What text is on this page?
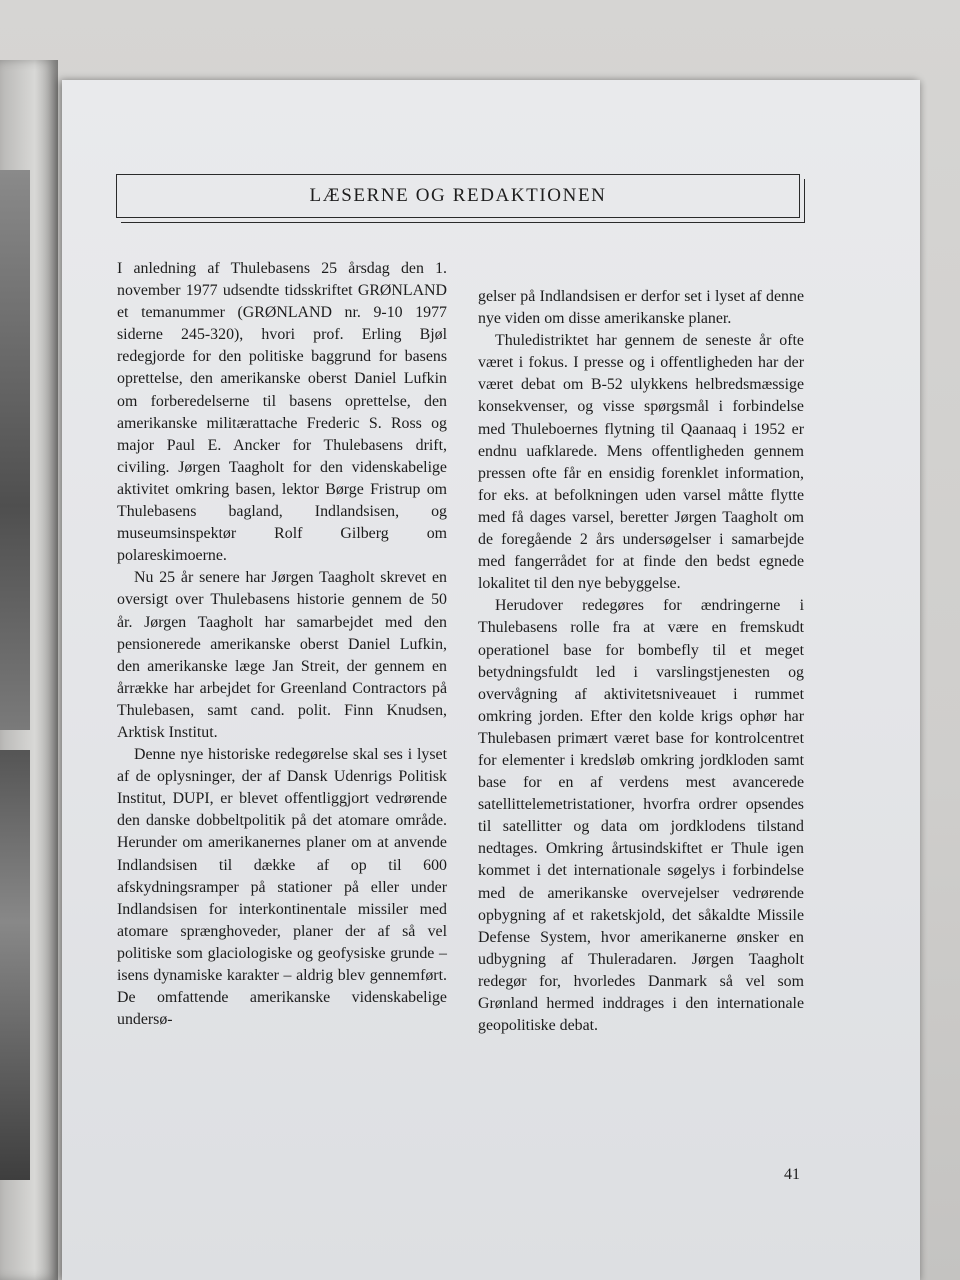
LÆSERNE OG REDAKTIONEN

I anledning af Thulebasens 25 årsdag den 1. november 1977 udsendte tidsskriftet GRØNLAND et temanummer (GRØNLAND nr. 9-10 1977 siderne 245-320), hvori prof. Erling Bjøl redegjorde for den politiske baggrund for basens oprettelse, den amerikanske oberst Daniel Lufkin om forberedelserne til basens oprettelse, den amerikanske militærattache Frederic S. Ross og major Paul E. Ancker for Thulebasens drift, civiling. Jørgen Taagholt for den videnskabelige aktivitet omkring basen, lektor Børge Fristrup om Thulebasens bagland, Indlandsisen, og museumsinspektør Rolf Gilberg om polareskimoerne.

Nu 25 år senere har Jørgen Taagholt skrevet en oversigt over Thulebasens historie gennem de 50 år. Jørgen Taagholt har samarbejdet med den pensionerede amerikanske oberst Daniel Lufkin, den amerikanske læge Jan Streit, der gennem en årrække har arbejdet for Greenland Contractors på Thulebasen, samt cand. polit. Finn Knudsen, Arktisk Institut.

Denne nye historiske redegørelse skal ses i lyset af de oplysninger, der af Dansk Udenrigs Politisk Institut, DUPI, er blevet offentliggjort vedrørende den danske dobbeltpolitik på det atomare område. Herunder om amerikanernes planer om at anvende Indlandsisen til dække af op til 600 afskydningsramper på stationer på eller under Indlandsisen for interkontinentale missiler med atomare sprænghoveder, planer der af så vel politiske som glaciologiske og geofysiske grunde – isens dynamiske karakter – aldrig blev gennemført. De omfattende amerikanske videnskabelige undersø-

gelser på Indlandsisen er derfor set i lyset af denne nye viden om disse amerikanske planer.

Thuledistriktet har gennem de seneste år ofte været i fokus. I presse og i offentligheden har der været debat om B-52 ulykkens helbredsmæssige konsekvenser, og visse spørgsmål i forbindelse med Thuleboernes flytning til Qaanaaq i 1952 er endnu uafklarede. Mens offentligheden gennem pressen ofte får en ensidig forenklet information, for eks. at befolkningen uden varsel måtte flytte med få dages varsel, beretter Jørgen Taagholt om de foregående 2 års undersøgelser i samarbejde med fangerrådet for at finde den bedst egnede lokalitet til den nye bebyggelse.

Herudover redegøres for ændringerne i Thulebasens rolle fra at være en fremskudt operationel base for bombefly til et meget betydningsfuldt led i varslingstjenesten og overvågning af aktivitetsniveauet i rummet omkring jorden. Efter den kolde krigs ophør har Thulebasen primært været base for kontrolcentret for elementer i kredsløb omkring jordkloden samt base for en af verdens mest avancerede satellittelemetristationer, hvorfra ordrer opsendes til satellitter og data om jordklodens tilstand nedtages. Omkring årtusindskiftet er Thule igen kommet i det internationale søgelys i forbindelse med de amerikanske overvejelser vedrørende opbygning af et raketskjold, det såkaldte Missile Defense System, hvor amerikanerne ønsker en udbygning af Thuleradaren. Jørgen Taagholt redegør for, hvorledes Danmark så vel som Grønland hermed inddrages i den internationale geopolitiske debat.

41
